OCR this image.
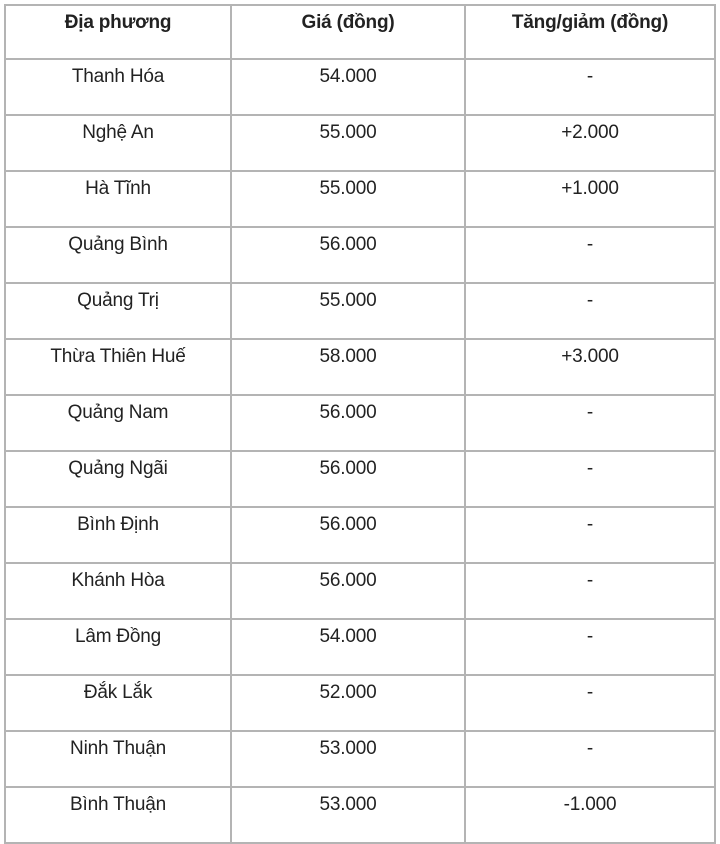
Địa phương	Giá (đồng)	Tăng/giảm (đồng)
Thanh Hóa	54.000	-
Nghệ An	55.000	+2.000
Hà Tĩnh	55.000	+1.000
Quảng Bình	56.000	-
Quảng Trị	55.000	-
Thừa Thiên Huế	58.000	+3.000
Quảng Nam	56.000	-
Quảng Ngãi	56.000	-
Bình Định	56.000	-
Khánh Hòa	56.000	-
Lâm Đồng	54.000	-
Đắk Lắk	52.000	-
Ninh Thuận	53.000	-
Bình Thuận	53.000	-1.000
